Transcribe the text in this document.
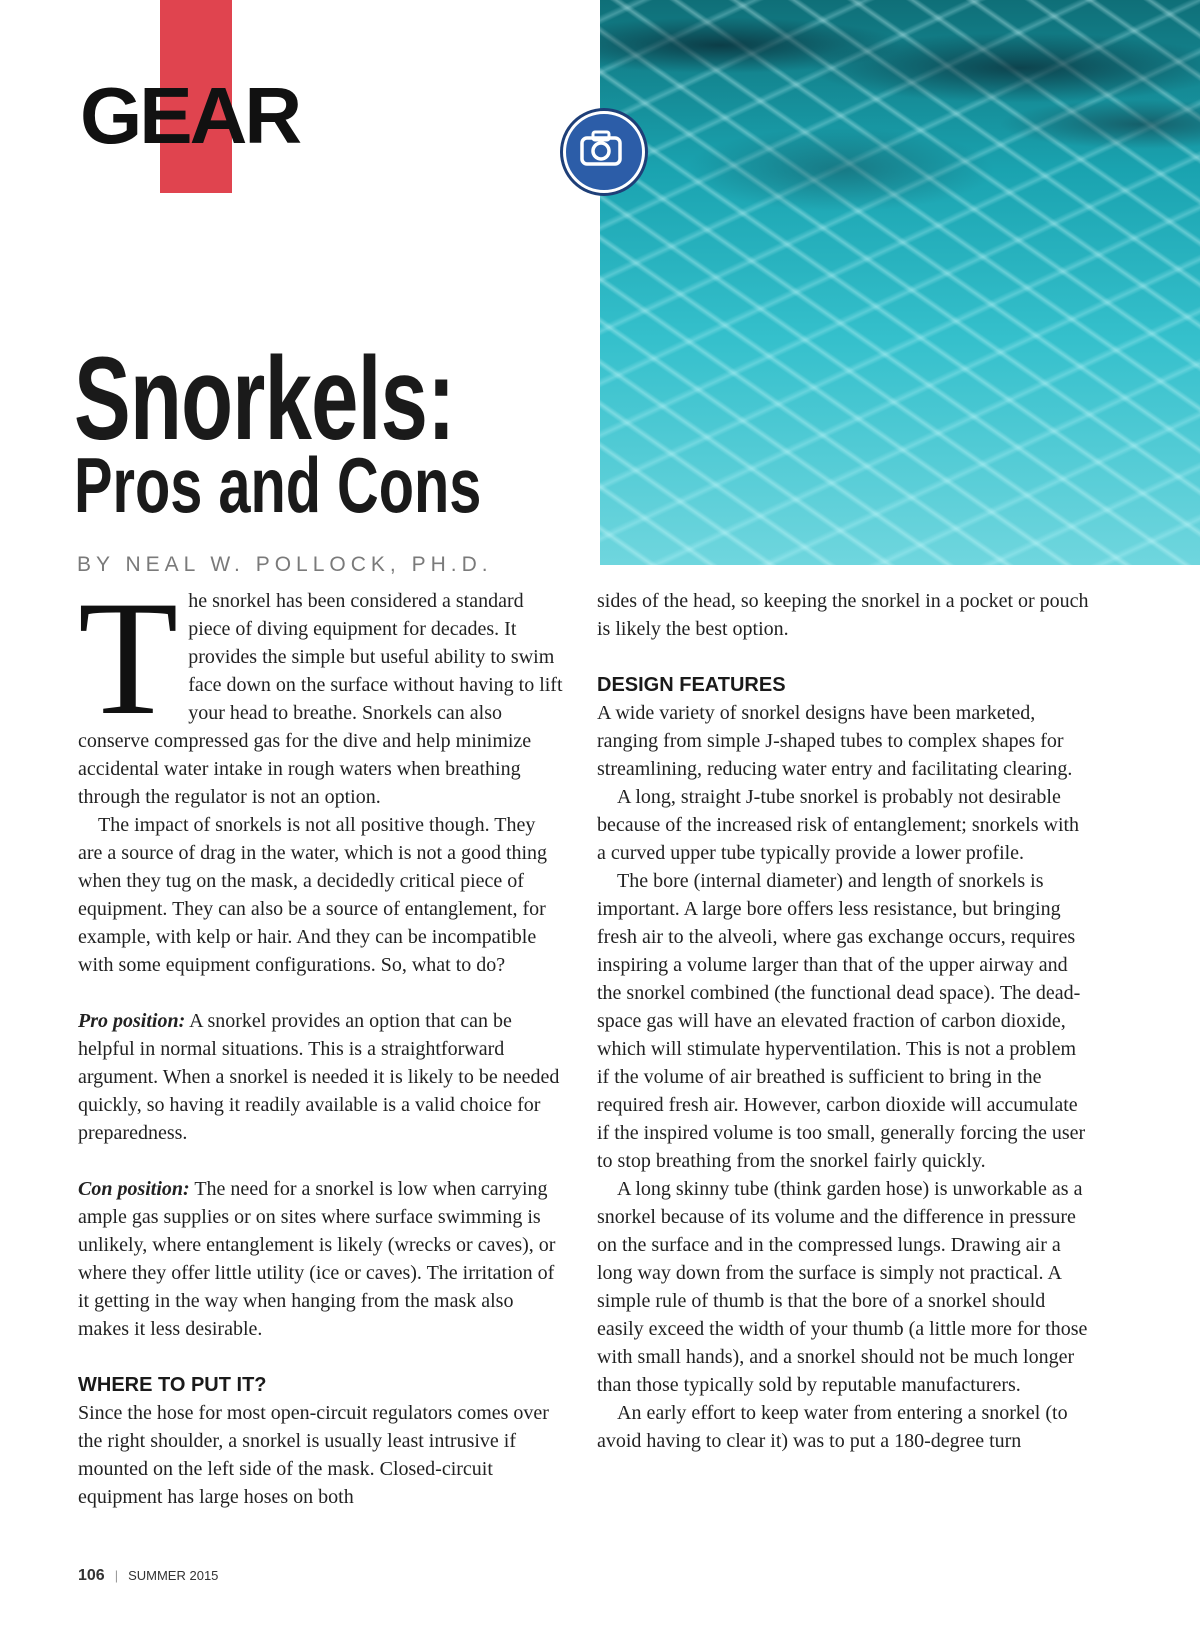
GEAR
Snorkels:
Pros and Cons
BY NEAL W. POLLOCK, PH.D.

The snorkel has been considered a standard piece of diving equipment for decades. It provides the simple but useful ability to swim face down on the surface without having to lift your head to breathe. Snorkels can also conserve compressed gas for the dive and help minimize accidental water intake in rough waters when breathing through the regulator is not an option.

The impact of snorkels is not all positive though. They are a source of drag in the water, which is not a good thing when they tug on the mask, a decidedly critical piece of equipment. They can also be a source of entanglement, for example, with kelp or hair. And they can be incompatible with some equipment configurations. So, what to do?

Pro position: A snorkel provides an option that can be helpful in normal situations. This is a straightforward argument. When a snorkel is needed it is likely to be needed quickly, so having it readily available is a valid choice for preparedness.

Con position: The need for a snorkel is low when carrying ample gas supplies or on sites where surface swimming is unlikely, where entanglement is likely (wrecks or caves), or where they offer little utility (ice or caves). The irritation of it getting in the way when hanging from the mask also makes it less desirable.

WHERE TO PUT IT?

Since the hose for most open-circuit regulators comes over the right shoulder, a snorkel is usually least intrusive if mounted on the left side of the mask. Closed-circuit equipment has large hoses on both

sides of the head, so keeping the snorkel in a pocket or pouch is likely the best option.

DESIGN FEATURES

A wide variety of snorkel designs have been marketed, ranging from simple J-shaped tubes to complex shapes for streamlining, reducing water entry and facilitating clearing.

A long, straight J-tube snorkel is probably not desirable because of the increased risk of entanglement; snorkels with a curved upper tube typically provide a lower profile.

The bore (internal diameter) and length of snorkels is important. A large bore offers less resistance, but bringing fresh air to the alveoli, where gas exchange occurs, requires inspiring a volume larger than that of the upper airway and the snorkel combined (the functional dead space). The dead-space gas will have an elevated fraction of carbon dioxide, which will stimulate hyperventilation. This is not a problem if the volume of air breathed is sufficient to bring in the required fresh air. However, carbon dioxide will accumulate if the inspired volume is too small, generally forcing the user to stop breathing from the snorkel fairly quickly.

A long skinny tube (think garden hose) is unworkable as a snorkel because of its volume and the difference in pressure on the surface and in the compressed lungs. Drawing air a long way down from the surface is simply not practical. A simple rule of thumb is that the bore of a snorkel should easily exceed the width of your thumb (a little more for those with small hands), and a snorkel should not be much longer than those typically sold by reputable manufacturers.

An early effort to keep water from entering a snorkel (to avoid having to clear it) was to put a 180-degree turn

106 | SUMMER 2015
